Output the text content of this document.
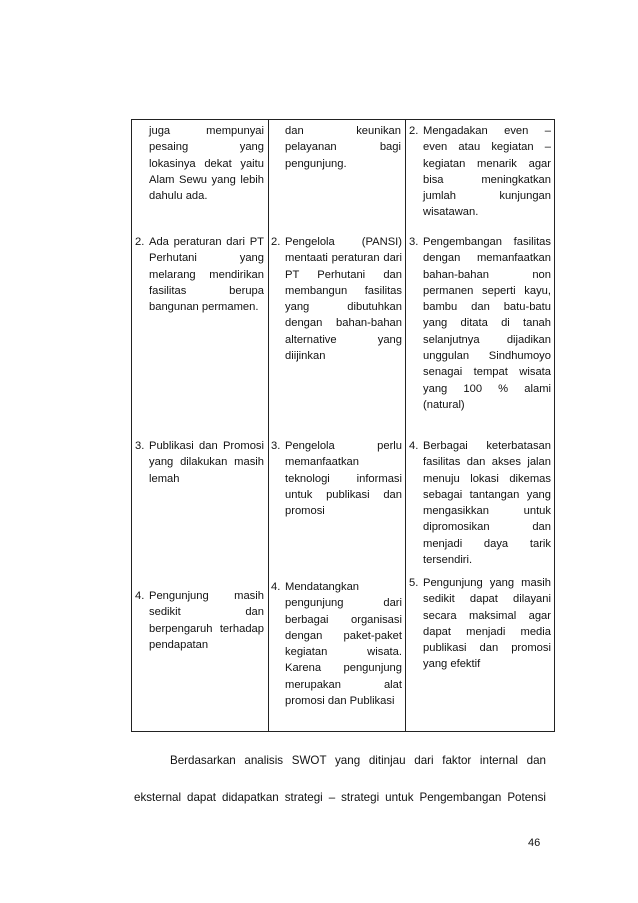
juga mempunyai pesaing yang lokasinya dekat yaitu Alam Sewu yang lebih dahulu ada.
2. Ada peraturan dari PT Perhutani yang melarang mendirikan fasilitas berupa bangunan permamen.
3. Publikasi dan Promosi yang dilakukan masih lemah
4. Pengunjung masih sedikit dan berpengaruh terhadap pendapatan
dan keunikan pelayanan bagi pengunjung.
2. Pengelola (PANSI) mentaati peraturan dari PT Perhutani dan membangun fasilitas yang dibutuhkan dengan bahan-bahan alternative yang diijinkan
3. Pengelola perlu memanfaatkan teknologi informasi untuk publikasi dan promosi
4. Mendatangkan pengunjung dari berbagai organisasi dengan paket-paket kegiatan wisata. Karena pengunjung merupakan alat promosi dan Publikasi
2. Mengadakan even – even atau kegiatan – kegiatan menarik agar bisa meningkatkan jumlah kunjungan wisatawan.
3. Pengembangan fasilitas dengan memanfaatkan bahan-bahan non permanen seperti kayu, bambu dan batu-batu yang ditata di tanah selanjutnya dijadikan unggulan Sindhumoyo senagai tempat wisata yang 100 % alami (natural)
4. Berbagai keterbatasan fasilitas dan akses jalan menuju lokasi dikemas sebagai tantangan yang mengasikkan untuk dipromosikan dan menjadi daya tarik tersendiri.
5. Pengunjung yang masih sedikit dapat dilayani secara maksimal agar dapat menjadi media publikasi dan promosi yang efektif
Berdasarkan analisis SWOT yang ditinjau dari faktor internal dan
eksternal dapat didapatkan strategi – strategi untuk Pengembangan Potensi
46
